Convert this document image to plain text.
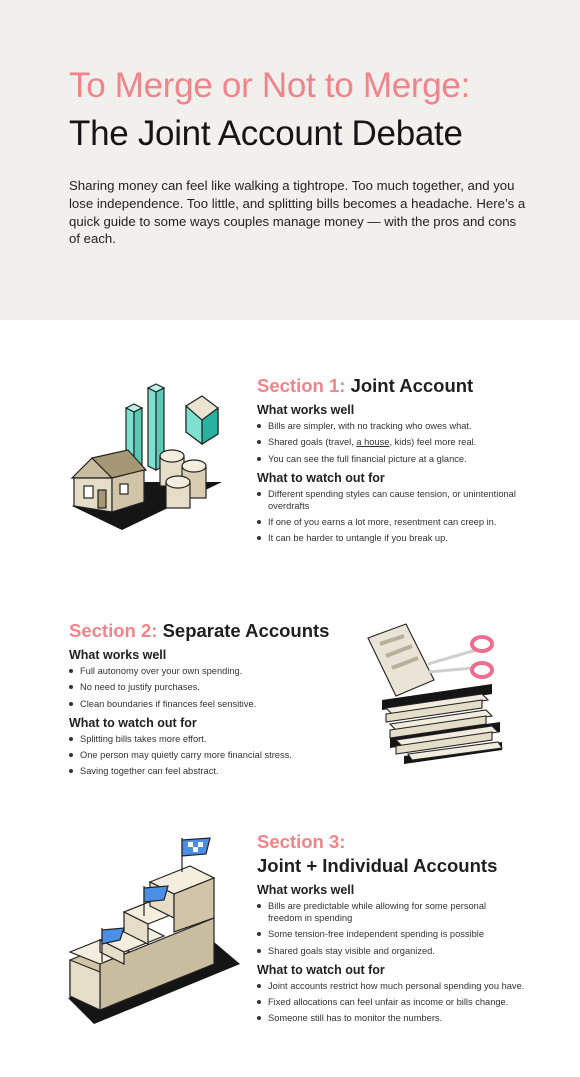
To Merge or Not to Merge:
The Joint Account Debate
Sharing money can feel like walking a tightrope. Too much together, and you lose independence. Too little, and splitting bills becomes a headache. Here’s a quick guide to some ways couples manage money — with the pros and cons of each.
Section 1: Joint Account
What works well
Bills are simpler, with no tracking who owes what.
Shared goals (travel, a house, kids) feel more real.
You can see the full financial picture at a glance.
What to watch out for
Different spending styles can cause tension, or unintentional overdrafts
If one of you earns a lot more, resentment can creep in.
It can be harder to untangle if you break up.
Section 2: Separate Accounts
What works well
Full autonomy over your own spending.
No need to justify purchases.
Clean boundaries if finances feel sensitive.
What to watch out for
Splitting bills takes more effort.
One person may quietly carry more financial stress.
Saving together can feel abstract.
Section 3:
Joint + Individual Accounts
What works well
Bills are predictable while allowing for some personal freedom in spending
Some tension-free independent spending is possible
Shared goals stay visible and organized.
What to watch out for
Joint accounts restrict how much personal spending you have.
Fixed allocations can feel unfair as income or bills change.
Someone still has to monitor the numbers.
